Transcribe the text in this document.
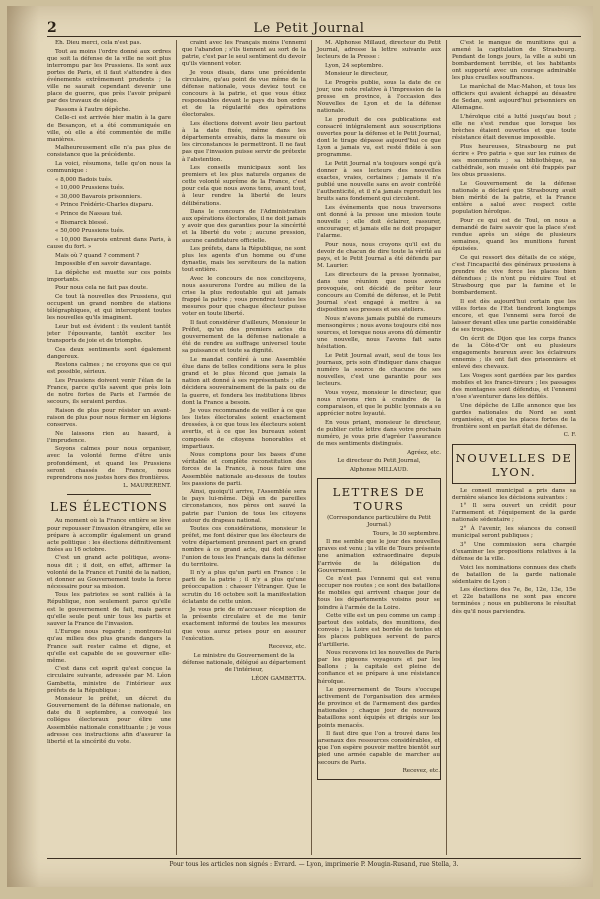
2	Le Petit Journal

Eh. Dieu merci, cela n'est pas.

Tout au moins l'ordre donné aux ordres que soit la défense de la ville ne soit plus interrompu par les Prussiens. Ils sont aux portes de Paris, et il faut s'attendre à des événements extrêmement prudents ; la ville ne saurait cependant devenir une place de guerre, que près l'avoir préparé par des travaux de siége.

Passons à l'autre dépêche.

Celle-ci est arrivée hier matin à la gare de Besançon, et a été communiquée en ville, où elle a été commentée de mille manières.

Malheureusement elle n'a pas plus de consistance que la précédente.

La voici, résumons, telle qu'on nous la communique :

« 8,000 Badois tués.

« 10,000 Prussiens tués.

« 30,000 Bavarois prisonniers.

« Prince Frédéric-Charles disparu.

« Prince de Nassau tué.

« Bismarck blessé.

« 50,000 Prussiens tués.

« 10,000 Bavarois entrent dans Paris, à cause du fort. »

Mais où ? quand ? comment ?

Impossible d'en savoir davantage.

La dépêche est muette sur ces points importants.

Pour nous cela ne fait pas doute.

Ce tout là nouvelles des Prussiens, qui occupent un grand nombre de stations télégraphiques, et qui interceptent toutes les nouvelles qu'ils imaginent.

Leur but est évident : ils veulent tantôt jeter l'épouvante, tantôt exciter les transports de joie et de triomphe.

Ces deux sentiments sont également dangereux.

Restons calmes ; ne croyons que ce qui est possible, sérieux.

Les Prussiens doivent venir l'élan de la France, parce qu'ils savent que près loin de notre fortes de Paris et l'armée de secours, ils seraient perdus.

Raison de plus pour résister un avant-raison de plus pour nous fermer en légions conserves.

Ne laissons rien au hasard, à l'imprudence.

Soyons calmes pour nous organiser, avec la volonté ferme d'être unis profondément, et quand les Prussiens seront chassés de France, nous reprendrons nos justes hors des frontières.

L. MAURERENT.

LES ÉLECTIONS

Au moment où la France entière se lève pour repousser l'invasion étrangère, elle se prépare à accomplir également un grand acte politique : les élections définitivement fixées au 16 octobre.

C'est un grand acte politique, avons-nous dit ; il doit, en effet, affirmer la volonté de la France et l'unité de la nation, et donner au Gouvernement toute la force nécessaire pour sa mission.

Tous les patriotes se sont ralliés à la République, non seulement parce qu'elle est le gouvernement de fait, mais parce qu'elle seule peut unir tous les partis et sauver la France de l'invasion.

L'Europe nous regarde ; montrons-lui qu'au milieu des plus grands dangers la France sait rester calme et digne, et qu'elle est capable de se gouverner elle-même.

C'est dans cet esprit qu'est conçue la circulaire suivante, adressée par M. Léon Gambetta, ministre de l'intérieur aux préfets de la République :

Monsieur le préfet, un décret du Gouvernement de la défense nationale, en date du 8 septembre, a convoqué les colléges électoraux pour élire une Assemblée nationale constituante ; je vous adresse ces instructions afin d'assurer la liberté et la sincérité du vote.

craint avec les Français moins l'ennemi que l'abandon ; s'ils tiennent au sort de la patrie, c'est par le seul sentiment du devoir qu'ils viennent voter.

Je vous disais, dans une précédente circulaire, qu'au point de vue même de la défense nationale, vous deviez tout ce concours à la patrie, et que vous étiez responsables devant le pays du bon ordre et de la régularité des opérations électorales.

Les élections doivent avoir lieu partout à la date fixée, même dans les départements envahis, dans la mesure où les circonstances le permettront. Il ne faut pas que l'invasion puisse servir de prétexte à l'abstention.

Les conseils municipaux sont les premiers et les plus naturels organes de cette volonté suprême de la France, c'est pour cela que nous avons tenu, avant tout, à leur rendre la liberté de leurs délibérations.

Dans le concours de l'Administration aux opérations électorales, il ne doit jamais y avoir que des garanties pour la sincérité et la liberté du vote ; aucune pression, aucune candidature officielle.

Les préfets, dans la République, ne sont plus les agents d'un homme ou d'une dynastie, mais les serviteurs de la nation tout entière.

Avec le concours de nos concitoyens, nous assurerons l'ordre au milieu de la crise la plus redoutable qui ait jamais frappé la patrie ; vous prendrez toutes les mesures pour que chaque électeur puisse voter en toute liberté.

Il faut considérer d'ailleurs, Monsieur le Préfet, qu'un des premiers actes du gouvernement de la défense nationale a été de rendre au suffrage universel toute sa puissance et toute sa dignité.

Le mandat conféré à une Assemblée élue dans de telles conditions sera le plus grand et le plus fécond que jamais la nation ait donné à ses représentants ; elle décidera souverainement de la paix ou de la guerre, et fondera les institutions libres dont la France a besoin.

Je vous recommande de veiller à ce que les listes électorales soient exactement dressées, à ce que tous les électeurs soient avertis, et à ce que les bureaux soient composés de citoyens honorables et impartiaux.

Nous comptons pour les bases d'une véritable et complète reconstitution des forces de la France, à nous faire une Assemblée nationale au-dessus de toutes les passions de parti.

Ainsi, quoiqu'il arrive, l'Assemblée sera le pays lui-même. Déjà en de pareilles circonstances, nos pères ont sauvé la patrie par l'union de tous les citoyens autour du drapeau national.

Toutes ces considérations, monsieur le préfet, me font désirer que les électeurs de votre département prennent part en grand nombre à ce grand acte, qui doit sceller l'union de tous les Français dans la défense du territoire.

Il n'y a plus qu'un parti en France : le parti de la patrie ; il n'y a plus qu'une préoccupation : chasser l'étranger. Que le scrutin du 16 octobre soit la manifestation éclatante de cette union.

Je vous prie de m'accuser réception de la présente circulaire et de me tenir exactement informé de toutes les mesures que vous aurez prises pour en assurer l'exécution.

Recevez, etc.

Le ministre du Gouvernement de la défense nationale, délégué au département de l'intérieur,

LÉON GAMBETTA.

M. Alphonse Millaud, directeur du Petit Journal, adresse la lettre suivante aux lecteurs de la Presse :

Lyon, 24 septembre.

Monsieur le directeur,

Le Progrès publie, sous la date de ce jour, une note relative à l'impression de la presse en province, à l'occasion des Nouvelles de Lyon et de la défense nationale.

Le produit de ces publications est consacré intégralement aux souscriptions ouvertes pour la défense et le Petit Journal, dont le tirage dépasse aujourd'hui ce que Lyon a jamais vu, est resté fidèle à son programme.

Le Petit Journal n'a toujours songé qu'à donner à ses lecteurs des nouvelles exactes, vraies, certaines ; jamais il n'a publié une nouvelle sans en avoir contrôlé l'authenticité, et il n'a jamais reproduit les bruits sans fondement qui circulent.

Les événements que nous traversons ont donné à la presse une mission toute nouvelle ; elle doit éclairer, rassurer, encourager, et jamais elle ne doit propager l'alarme.

Pour nous, nous croyons qu'il est du devoir de chacun de dire toute la vérité au pays, et le Petit Journal a été défendu par M. Laurier.

Les directeurs de la presse lyonnaise, dans une réunion que nous avons provoquée, ont décidé de prêter leur concours au Comité de défense, et le Petit Journal s'est engagé à mettre à sa disposition ses presses et ses ateliers.

Nous n'avons jamais publié de rumeurs mensongères ; nous avons toujours cité nos sources, et lorsque nous avons dû démentir une nouvelle, nous l'avons fait sans hésitation.

Le Petit Journal avait, seul de tous les journaux, pris soin d'indiquer dans chaque numéro la source de chacune de ses nouvelles, c'est une garantie pour ses lecteurs.

Vous voyez, monsieur le directeur, que nous n'avons rien à craindre de la comparaison, et que le public lyonnais a su apprécier notre loyauté.

En vous priant, monsieur le directeur, de publier cette lettre dans votre prochain numéro, je vous prie d'agréer l'assurance de mes sentiments distingués.

Agréez, etc.

Le directeur du Petit Journal,

Alphonse MILLAUD.

LETTRES DE TOURS

(Correspondance particulière du Petit Journal.)

Tours, le 30 septembre.

Il me semble que le jour des nouvelles graves est venu ; la ville de Tours présente une animation extraordinaire depuis l'arrivée de la délégation du Gouvernement.

Ce n'est pas l'ennemi qui est venu occuper nos routes ; ce sont des bataillons de mobiles qui arrivent chaque jour de tous les départements voisins pour se joindre à l'armée de la Loire.

Cette ville est un peu comme un camp : partout des soldats, des munitions, des convois ; la Loire est bordée de tentes et les places publiques servent de parcs d'artillerie.

Nous recevons ici les nouvelles de Paris par les pigeons voyageurs et par les ballons ; la capitale est pleine de confiance et se prépare à une résistance héroïque.

Le gouvernement de Tours s'occupe activement de l'organisation des armées de province et de l'armement des gardes nationales ; chaque jour de nouveaux bataillons sont équipés et dirigés sur les points menacés.

Il faut dire que l'on a trouvé dans les arsenaux des ressources considérables, et que l'on espère pouvoir mettre bientôt sur pied une armée capable de marcher au secours de Paris.

Recevez, etc.

C'est le manque de munitions qui a amené la capitulation de Strasbourg. Pendant de longs jours, la ville a subi un bombardement terrible, et les habitants ont supporté avec un courage admirable les plus cruelles souffrances.

Le maréchal de Mac-Mahon, et tous les officiers qui avaient échappé au désastre de Sedan, sont aujourd'hui prisonniers en Allemagne.

L'héroïque cité a lutté jusqu'au bout ; elle ne s'est rendue que lorsque les brèches étaient ouvertes et que toute résistance était devenue impossible.

Plus heureuses, Strasbourg ne put écrire « Pro patria » que sur les ruines de ses monuments ; sa bibliothèque, sa cathédrale, son musée ont été frappés par les obus prussiens.

Le Gouvernement de la défense nationale a déclaré que Strasbourg avait bien mérité de la patrie, et la France entière a salué avec respect cette population héroïque.

Pour ce qui est de Toul, on nous a demandé de faire savoir que la place s'est rendue après un siége de plusieurs semaines, quand les munitions furent épuisées.

Ce qui ressort des détails de ce siége, c'est l'incapacité des généraux prussiens à prendre de vive force les places bien défendues ; ils n'ont pu réduire Toul et Strasbourg que par la famine et le bombardement.

Il est dès aujourd'hui certain que les villes fortes de l'Est tiendront longtemps encore, et que l'ennemi sera forcé de laisser devant elles une partie considérable de ses troupes.

On écrit de Dijon que les corps francs de la Côte-d'Or ont eu plusieurs engagements heureux avec les éclaireurs ennemis ; ils ont fait des prisonniers et enlevé des chevaux.

Les Vosges sont gardées par les gardes mobiles et les francs-tireurs ; les passages des montagnes sont défendus, et l'ennemi n'ose s'aventurer dans les défilés.

Une dépêche de Lille annonce que les gardes nationales du Nord se sont organisées, et que les places fortes de la frontière sont en parfait état de défense.

C. F.

NOUVELLES DE LYON.

Le conseil municipal a pris dans sa dernière séance les décisions suivantes :

1° Il sera ouvert un crédit pour l'armement et l'équipement de la garde nationale sédentaire ;

2° À l'avenir, les séances du conseil municipal seront publiques ;

3° Une commission sera chargée d'examiner les propositions relatives à la défense de la ville.

Voici les nominations connues des chefs de bataillon de la garde nationale sédentaire de Lyon :

Les élections des 7e, 8e, 12e, 13e, 15e et 22e bataillons ne sont pas encore terminées ; nous en publierons le résultat dès qu'il nous parviendra.

Pour tous les articles non signés : Evrard. — Lyon, imprimerie P. Mougin-Rusand, rue Stella, 3.
